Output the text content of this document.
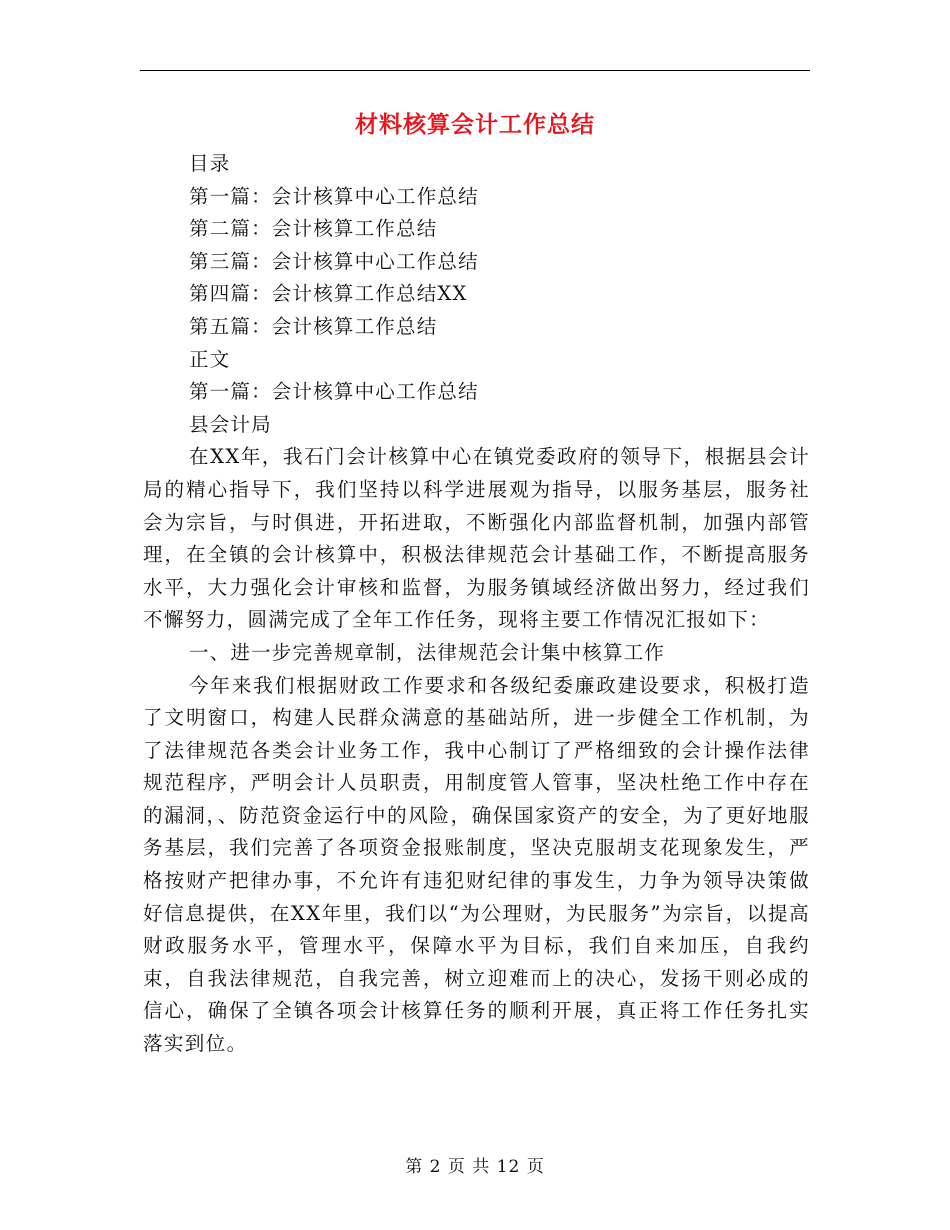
材料核算会计工作总结

目录

第一篇：会计核算中心工作总结

第二篇：会计核算工作总结

第三篇：会计核算中心工作总结

第四篇：会计核算工作总结XX

第五篇：会计核算工作总结

正文

第一篇：会计核算中心工作总结

县会计局

在XX年，我石门会计核算中心在镇党委政府的领导下，根据县会计局的精心指导下，我们坚持以科学进展观为指导，以服务基层，服务社会为宗旨，与时俱进，开拓进取，不断强化内部监督机制，加强内部管理，在全镇的会计核算中，积极法律规范会计基础工作，不断提高服务水平，大力强化会计审核和监督，为服务镇域经济做出努力，经过我们不懈努力，圆满完成了全年工作任务，现将主要工作情况汇报如下：

一、进一步完善规章制，法律规范会计集中核算工作

今年来我们根据财政工作要求和各级纪委廉政建设要求，积极打造了文明窗口，构建人民群众满意的基础站所，进一步健全工作机制，为了法律规范各类会计业务工作，我中心制订了严格细致的会计操作法律规范程序，严明会计人员职责，用制度管人管事，坚决杜绝工作中存在的漏洞，、防范资金运行中的风险，确保国家资产的安全，为了更好地服务基层，我们完善了各项资金报账制度，坚决克服胡支花现象发生，严格按财产把律办事，不允许有违犯财纪律的事发生，力争为领导决策做好信息提供，在XX年里，我们以“为公理财，为民服务”为宗旨，以提高财政服务水平，管理水平，保障水平为目标，我们自来加压，自我约束，自我法律规范，自我完善，树立迎难而上的决心，发扬干则必成的信心，确保了全镇各项会计核算任务的顺利开展，真正将工作任务扎实落实到位。

第 2 页 共 12 页
